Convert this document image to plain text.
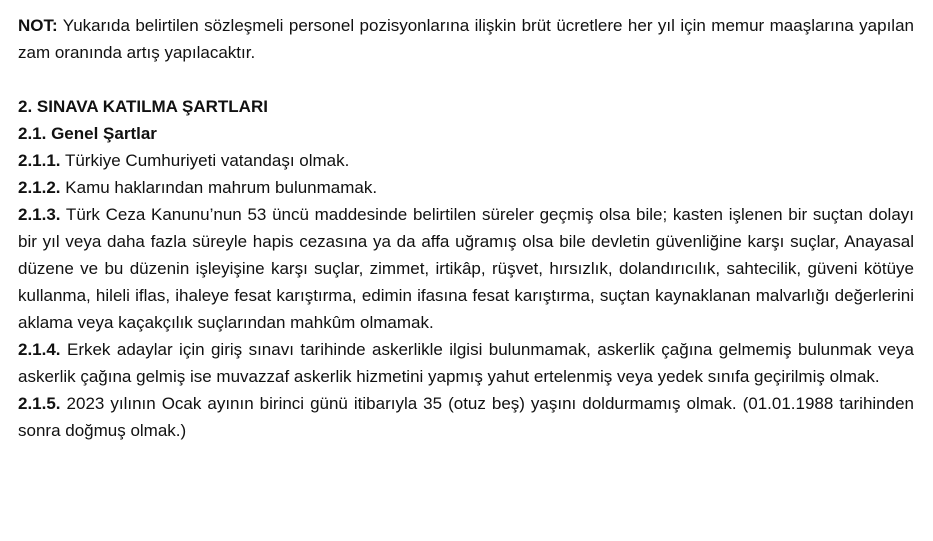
NOT: Yukarıda belirtilen sözleşmeli personel pozisyonlarına ilişkin brüt ücretlere her yıl için memur maaşlarına yapılan zam oranında artış yapılacaktır.

2. SINAVA KATILMA ŞARTLARI

2.1. Genel Şartlar

2.1.1. Türkiye Cumhuriyeti vatandaşı olmak.

2.1.2. Kamu haklarından mahrum bulunmamak.

2.1.3. Türk Ceza Kanunu’nun 53 üncü maddesinde belirtilen süreler geçmiş olsa bile; kasten işlenen bir suçtan dolayı bir yıl veya daha fazla süreyle hapis cezasına ya da affa uğramış olsa bile devletin güvenliğine karşı suçlar, Anayasal düzene ve bu düzenin işleyişine karşı suçlar, zimmet, irtikâp, rüşvet, hırsızlık, dolandırıcılık, sahtecilik, güveni kötüye kullanma, hileli iflas, ihaleye fesat karıştırma, edimin ifasına fesat karıştırma, suçtan kaynaklanan malvarlığı değerlerini aklama veya kaçakçılık suçlarından mahkûm olmamak.

2.1.4. Erkek adaylar için giriş sınavı tarihinde askerlikle ilgisi bulunmamak, askerlik çağına gelmemiş bulunmak veya askerlik çağına gelmiş ise muvazzaf askerlik hizmetini yapmış yahut ertelenmiş veya yedek sınıfa geçirilmiş olmak.

2.1.5. 2023 yılının Ocak ayının birinci günü itibarıyla 35 (otuz beş) yaşını doldurmamış olmak. (01.01.1988 tarihinden sonra doğmuş olmak.)
